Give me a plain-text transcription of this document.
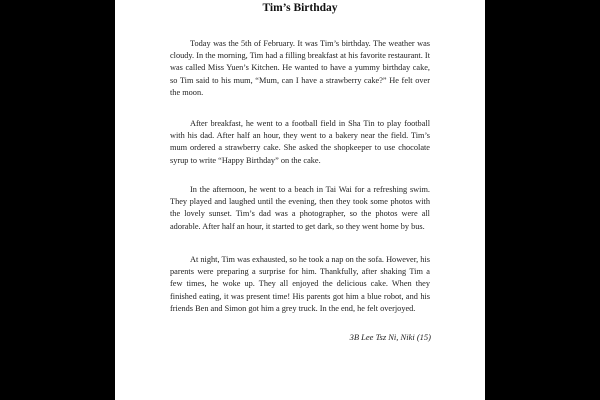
Tim’s Birthday

Today was the 5th of February. It was Tim’s birthday. The weather was cloudy. In the morning, Tim had a filling breakfast at his favorite restaurant. It was called Miss Yuen’s Kitchen. He wanted to have a yummy birthday cake, so Tim said to his mum, “Mum, can I have a strawberry cake?” He felt over the moon.

After breakfast, he went to a football field in Sha Tin to play football with his dad. After half an hour, they went to a bakery near the field. Tim’s mum ordered a strawberry cake. She asked the shopkeeper to use chocolate syrup to write “Happy Birthday” on the cake.

In the afternoon, he went to a beach in Tai Wai for a refreshing swim. They played and laughed until the evening, then they took some photos with the lovely sunset. Tim’s dad was a photographer, so the photos were all adorable. After half an hour, it started to get dark, so they went home by bus.

At night, Tim was exhausted, so he took a nap on the sofa. However, his parents were preparing a surprise for him. Thankfully, after shaking Tim a few times, he woke up. They all enjoyed the delicious cake. When they finished eating, it was present time! His parents got him a blue robot, and his friends Ben and Simon got him a grey truck. In the end, he felt overjoyed.

3B Lee Tsz Ni, Niki (15)
